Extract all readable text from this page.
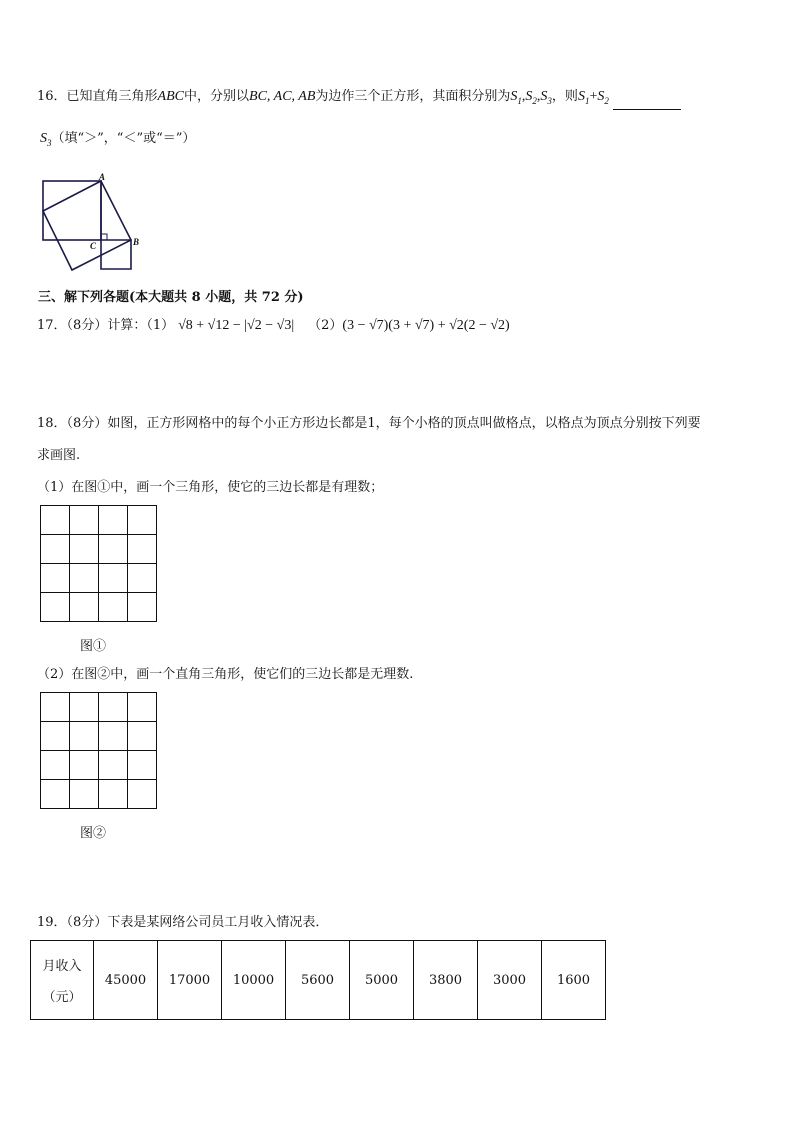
16．已知直角三角形ABC中，分别以BC, AC, AB为边作三个正方形，其面积分别为$S_1,S_2,S_3$，则$S_1+S_2$
$S_3$（填“＞”，“＜”或“＝”）
A
B
C
三、解下列各题(本大题共 8 小题，共 72 分)
17．（8分）计算：（1） √8 + √12 − |√2 − √3| （2）(3 − √7)(3 + √7) + √2(2 − √2)
18．（8分）如图，正方形网格中的每个小正方形边长都是1，每个小格的顶点叫做格点，以格点为顶点分别按下列要
求画图.
（1）在图①中，画一个三角形，使它的三边长都是有理数；

图①
（2）在图②中，画一个直角三角形，使它们的三边长都是无理数.

图②
19．（8分）下表是某网络公司员工月收入情况表．
月收入
（元）
	45000	17000	10000	5600	5000	3800	3000	1600
